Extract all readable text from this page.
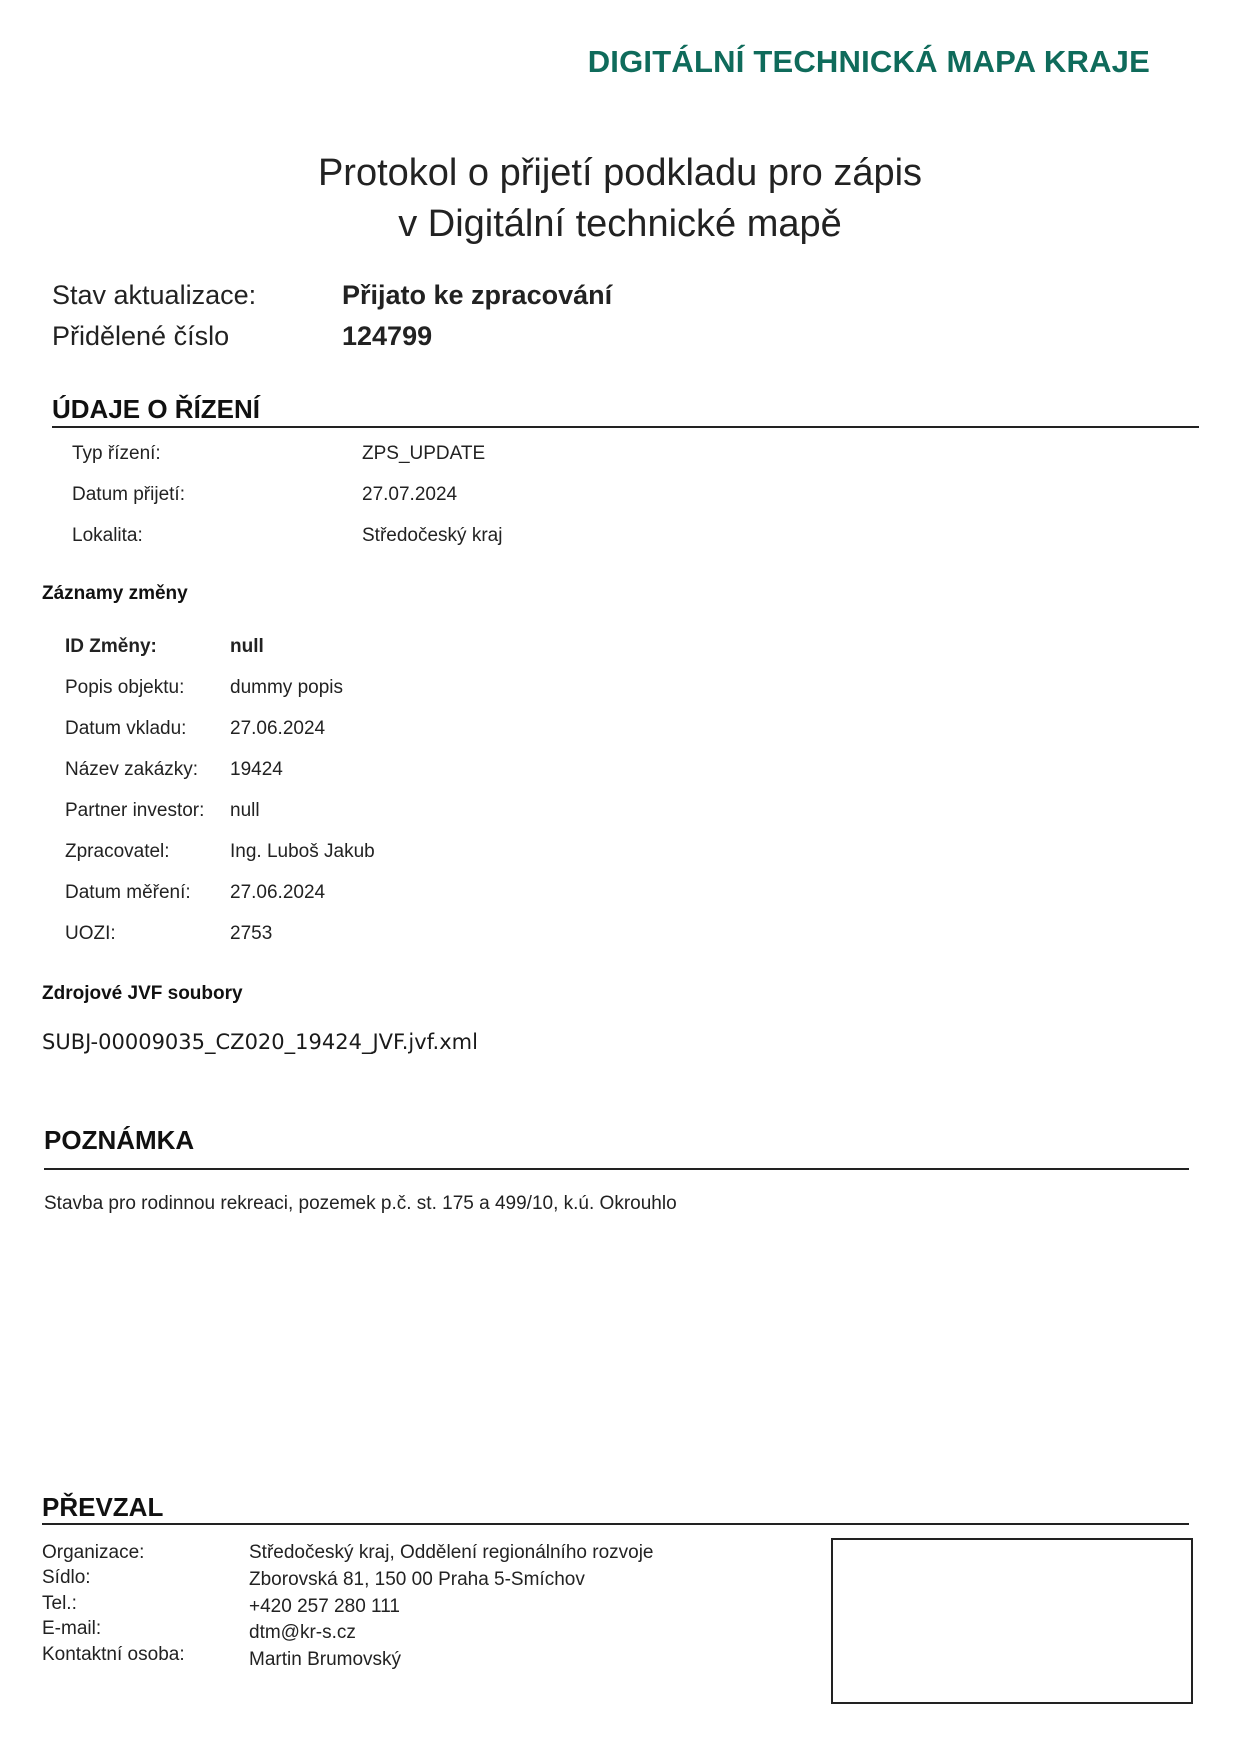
DIGITÁLNÍ TECHNICKÁ MAPA KRAJE
Protokol o přijetí podkladu pro zápis
v Digitální technické mapě
Stav aktualizace:	Přijato ke zpracování
Přidělené číslo	124799
ÚDAJE O ŘÍZENÍ
Typ řízení:	ZPS_UPDATE
Datum přijetí:	27.07.2024
Lokalita:	Středočeský kraj
Záznamy změny
ID Změny:	null
Popis objektu: dummy popis
Datum vkladu: 27.06.2024
Název zakázky: 19424
Partner investor: null
Zpracovatel:	Ing. Luboš Jakub
Datum měření: 27.06.2024
UOZI:	2753
Zdrojové JVF soubory
SUBJ-00009035_CZ020_19424_JVF.jvf.xml
POZNÁMKA
Stavba pro rodinnou rekreaci, pozemek p.č. st. 175 a 499/10, k.ú. Okrouhlo
PŘEVZAL
Organizace:	Středočeský kraj, Oddělení regionálního rozvoje
Sídlo:	Zborovská 81, 150 00 Praha 5-Smíchov
Tel.:	+420 257 280 111
E-mail:	dtm@kr-s.cz
Kontaktní osoba:	Martin Brumovský
